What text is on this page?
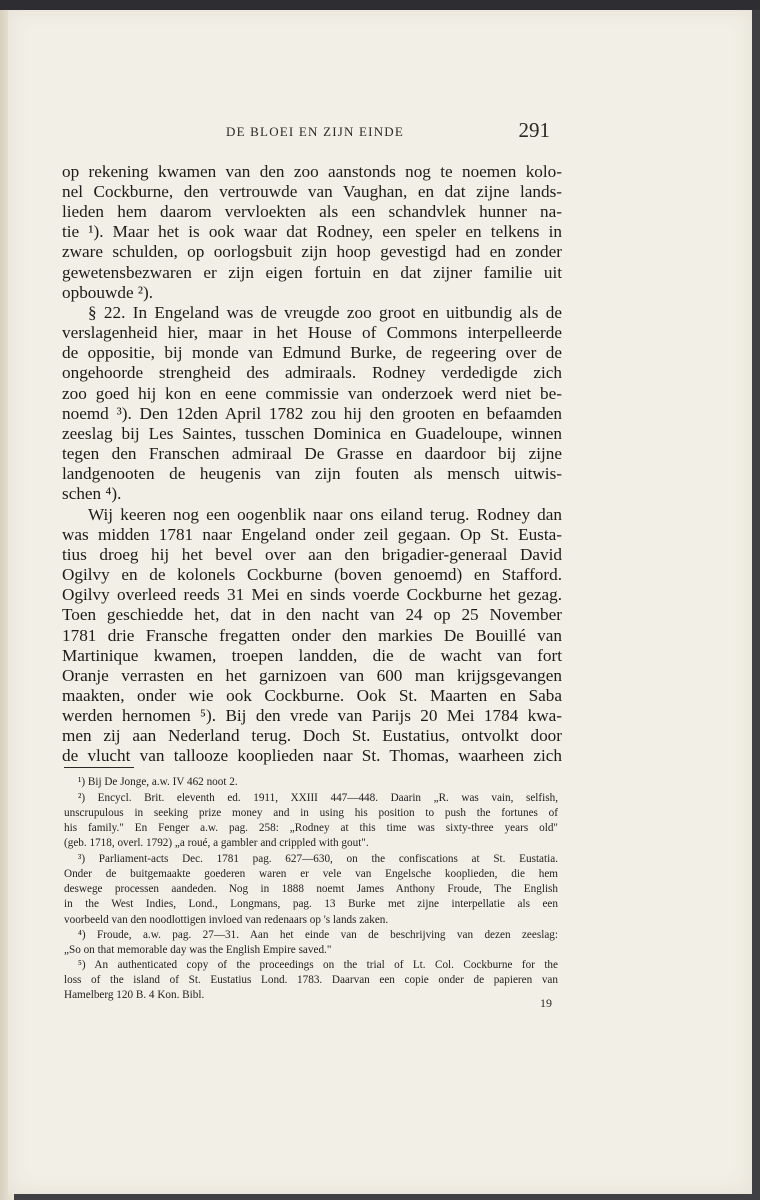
DE BLOEI EN ZIJN EINDE	291
op rekening kwamen van den zoo aanstonds nog te noemen kolo-
nel Cockburne, den vertrouwde van Vaughan, en dat zijne lands-
lieden hem daarom vervloekten als een schandvlek hunner na-
tie ¹). Maar het is ook waar dat Rodney, een speler en telkens in
zware schulden, op oorlogsbuit zijn hoop gevestigd had en zonder
gewetensbezwaren er zijn eigen fortuin en dat zijner familie uit
opbouwde ²).
§ 22. In Engeland was de vreugde zoo groot en uitbundig als de
verslagenheid hier, maar in het House of Commons interpelleerde
de oppositie, bij monde van Edmund Burke, de regeering over de
ongehoorde strengheid des admiraals. Rodney verdedigde zich
zoo goed hij kon en eene commissie van onderzoek werd niet be-
noemd ³). Den 12den April 1782 zou hij den grooten en befaamden
zeeslag bij Les Saintes, tusschen Dominica en Guadeloupe, winnen
tegen den Franschen admiraal De Grasse en daardoor bij zijne
landgenooten de heugenis van zijn fouten als mensch uitwis-
schen ⁴).
Wij keeren nog een oogenblik naar ons eiland terug. Rodney dan
was midden 1781 naar Engeland onder zeil gegaan. Op St. Eusta-
tius droeg hij het bevel over aan den brigadier-generaal David
Ogilvy en de kolonels Cockburne (boven genoemd) en Stafford.
Ogilvy overleed reeds 31 Mei en sinds voerde Cockburne het gezag.
Toen geschiedde het, dat in den nacht van 24 op 25 November
1781 drie Fransche fregatten onder den markies De Bouillé van
Martinique kwamen, troepen landden, die de wacht van fort
Oranje verrasten en het garnizoen van 600 man krijgsgevangen
maakten, onder wie ook Cockburne. Ook St. Maarten en Saba
werden hernomen ⁵). Bij den vrede van Parijs 20 Mei 1784 kwa-
men zij aan Nederland terug. Doch St. Eustatius, ontvolkt door
de vlucht van tallooze kooplieden naar St. Thomas, waarheen zich
¹) Bij De Jonge, a.w. IV 462 noot 2.
²) Encycl. Brit. eleventh ed. 1911, XXIII 447—448. Daarin „R. was vain, selfish,
unscrupulous in seeking prize money and in using his position to push the fortunes of
his family." En Fenger a.w. pag. 258: „Rodney at this time was sixty-three years old"
(geb. 1718, overl. 1792) „a roué, a gambler and crippled with gout".
³) Parliament-acts Dec. 1781 pag. 627—630, on the confiscations at St. Eustatia.
Onder de buitgemaakte goederen waren er vele van Engelsche kooplieden, die hem
deswege processen aandeden. Nog in 1888 noemt James Anthony Froude, The English
in the West Indies, Lond., Longmans, pag. 13 Burke met zijne interpellatie als een
voorbeeld van den noodlottigen invloed van redenaars op 's lands zaken.
⁴) Froude, a.w. pag. 27—31. Aan het einde van de beschrijving van dezen zeeslag:
„So on that memorable day was the English Empire saved."
⁵) An authenticated copy of the proceedings on the trial of Lt. Col. Cockburne for the
loss of the island of St. Eustatius Lond. 1783. Daarvan een copie onder de papieren van
Hamelberg 120 B. 4 Kon. Bibl.
19
